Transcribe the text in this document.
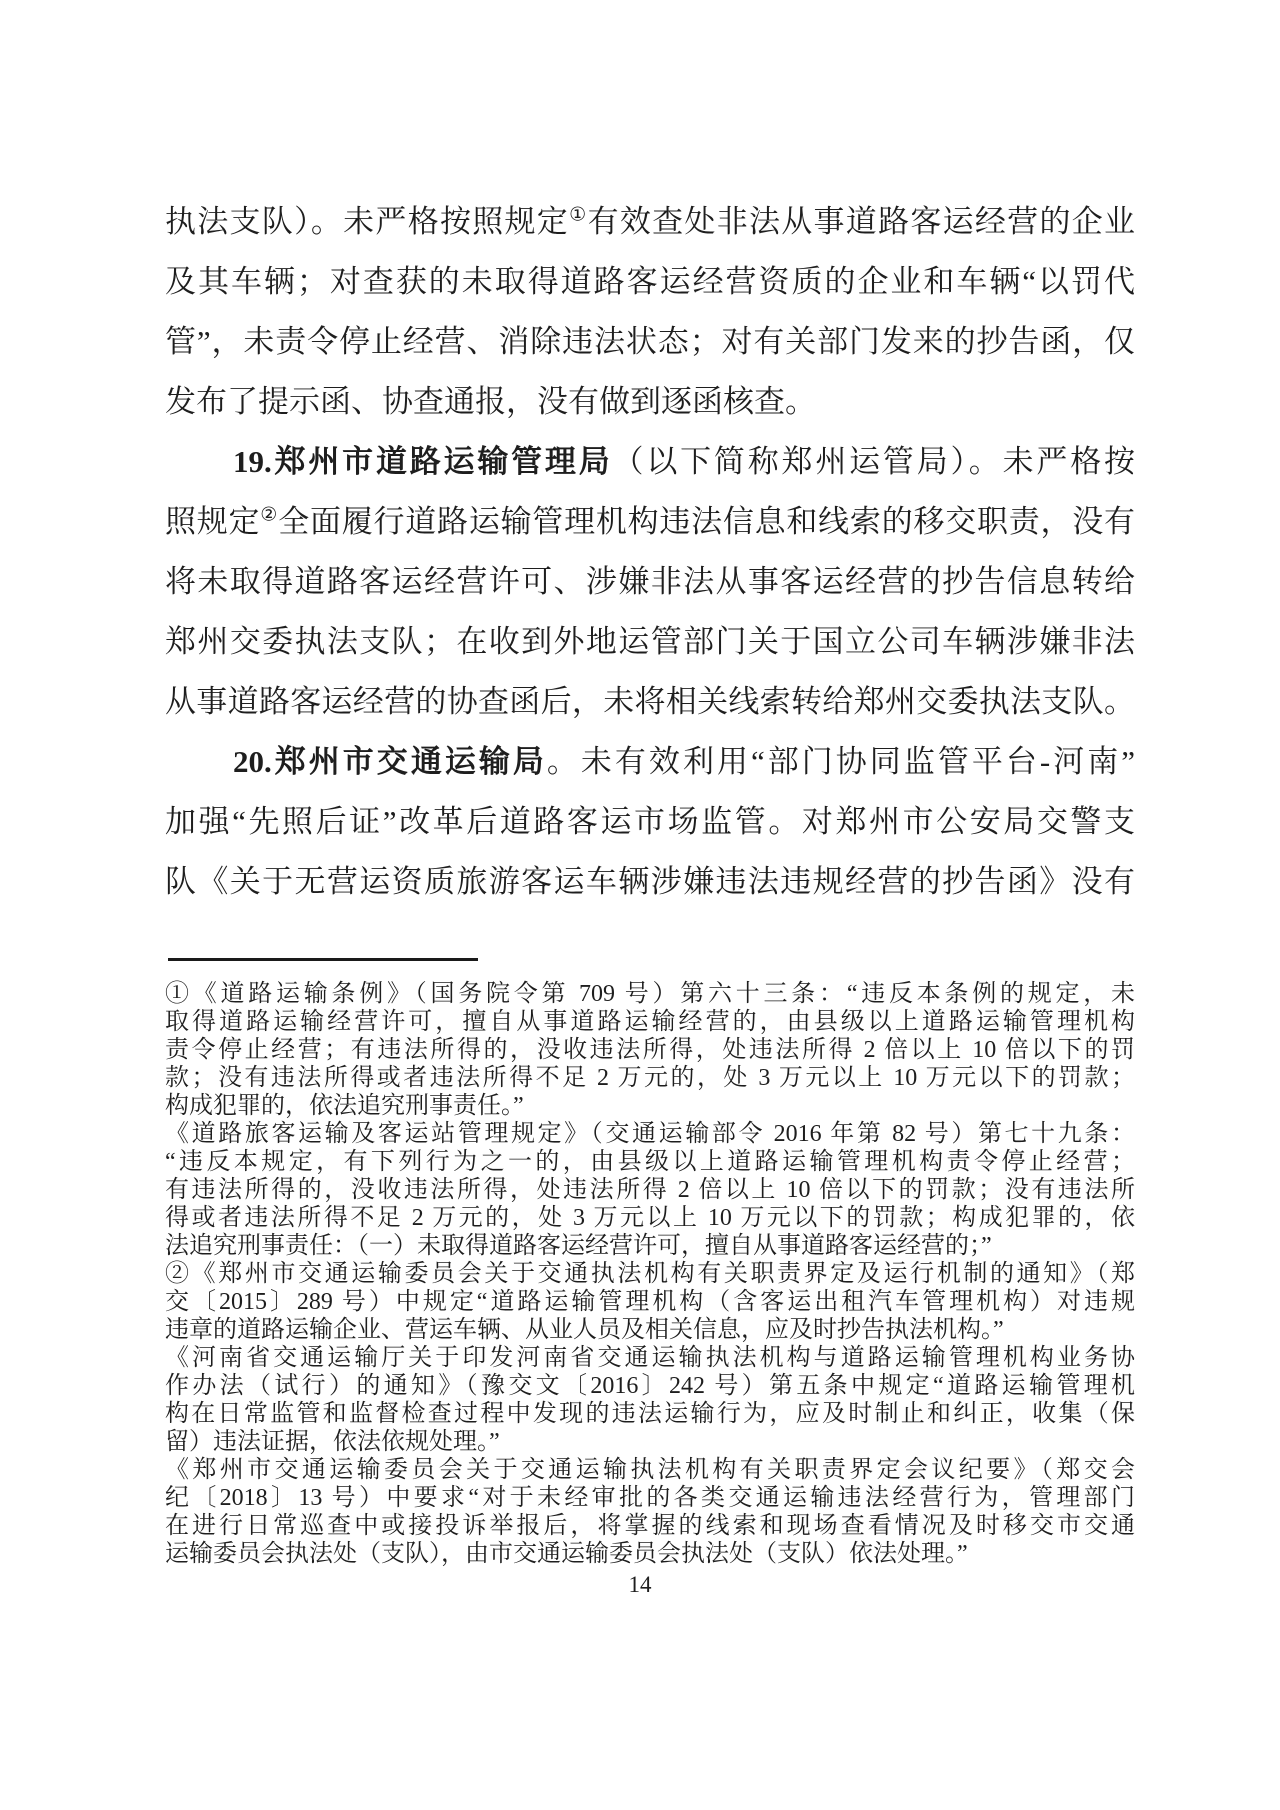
执法支队）。未严格按照规定①有效查处非法从事道路客运经营的企业
及其车辆；对查获的未取得道路客运经营资质的企业和车辆“以罚代
管”，未责令停止经营、消除违法状态；对有关部门发来的抄告函，仅
发布了提示函、协查通报，没有做到逐函核查。
19.郑州市道路运输管理局（以下简称郑州运管局）。未严格按
照规定②全面履行道路运输管理机构违法信息和线索的移交职责，没有
将未取得道路客运经营许可、涉嫌非法从事客运经营的抄告信息转给
郑州交委执法支队；在收到外地运管部门关于国立公司车辆涉嫌非法
从事道路客运经营的协查函后，未将相关线索转给郑州交委执法支队。
20.郑州市交通运输局。未有效利用“部门协同监管平台-河南”
加强“先照后证”改革后道路客运市场监管。对郑州市公安局交警支
队《关于无营运资质旅游客运车辆涉嫌违法违规经营的抄告函》没有
①《道路运输条例》（国务院令第 709 号）第六十三条：“违反本条例的规定，未
取得道路运输经营许可，擅自从事道路运输经营的，由县级以上道路运输管理机构
责令停止经营；有违法所得的，没收违法所得，处违法所得 2 倍以上 10 倍以下的罚
款；没有违法所得或者违法所得不足 2 万元的，处 3 万元以上 10 万元以下的罚款；
构成犯罪的，依法追究刑事责任。”
《道路旅客运输及客运站管理规定》（交通运输部令 2016 年第 82 号）第七十九条：
“违反本规定，有下列行为之一的，由县级以上道路运输管理机构责令停止经营；
有违法所得的，没收违法所得，处违法所得 2 倍以上 10 倍以下的罚款；没有违法所
得或者违法所得不足 2 万元的，处 3 万元以上 10 万元以下的罚款；构成犯罪的，依
法追究刑事责任：（一）未取得道路客运经营许可，擅自从事道路客运经营的；”
②《郑州市交通运输委员会关于交通执法机构有关职责界定及运行机制的通知》（郑
交〔2015〕289 号）中规定“道路运输管理机构（含客运出租汽车管理机构）对违规
违章的道路运输企业、营运车辆、从业人员及相关信息，应及时抄告执法机构。”
《河南省交通运输厅关于印发河南省交通运输执法机构与道路运输管理机构业务协
作办法（试行）的通知》（豫交文〔2016〕242 号）第五条中规定“道路运输管理机
构在日常监管和监督检查过程中发现的违法运输行为，应及时制止和纠正，收集（保
留）违法证据，依法依规处理。”
《郑州市交通运输委员会关于交通运输执法机构有关职责界定会议纪要》（郑交会
纪〔2018〕13 号）中要求“对于未经审批的各类交通运输违法经营行为，管理部门
在进行日常巡查中或接投诉举报后，将掌握的线索和现场查看情况及时移交市交通
运输委员会执法处（支队），由市交通运输委员会执法处（支队）依法处理。”
14
